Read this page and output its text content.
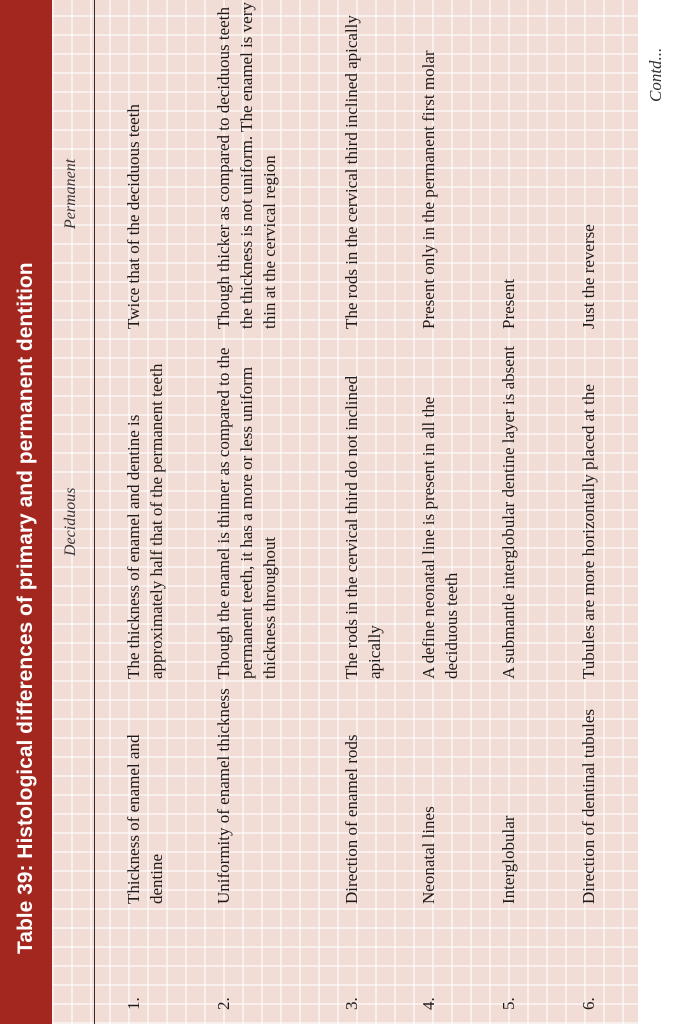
Table 39: Histological differences of primary and permanent dentition	Deciduous
Permanent
1.
Thickness of enamel and dentine
The thickness of enamel and dentine is approximately half that of the permanent teeth
Twice that of the deciduous teeth
2.
Uniformity of enamel thickness
Though the enamel is thinner as compared to the permanent teeth, it has a more or less uniform thickness throughout
Though thicker as compared to deciduous teeth the thickness is not uniform. The enamel is very thin at the cervical region
3.
Direction of enamel rods
The rods in the cervical third do not inclined apically
The rods in the cervical third inclined apically
4.
Neonatal lines
A define neonatal line is present in all the deciduous teeth
Present only in the permanent first molar
5.
Interglobular
A submantle interglobular dentine layer is absent
Present
6.
Direction of dentinal tubules
Tubules are more horizontally placed at the
Just the reverse
Contd...
